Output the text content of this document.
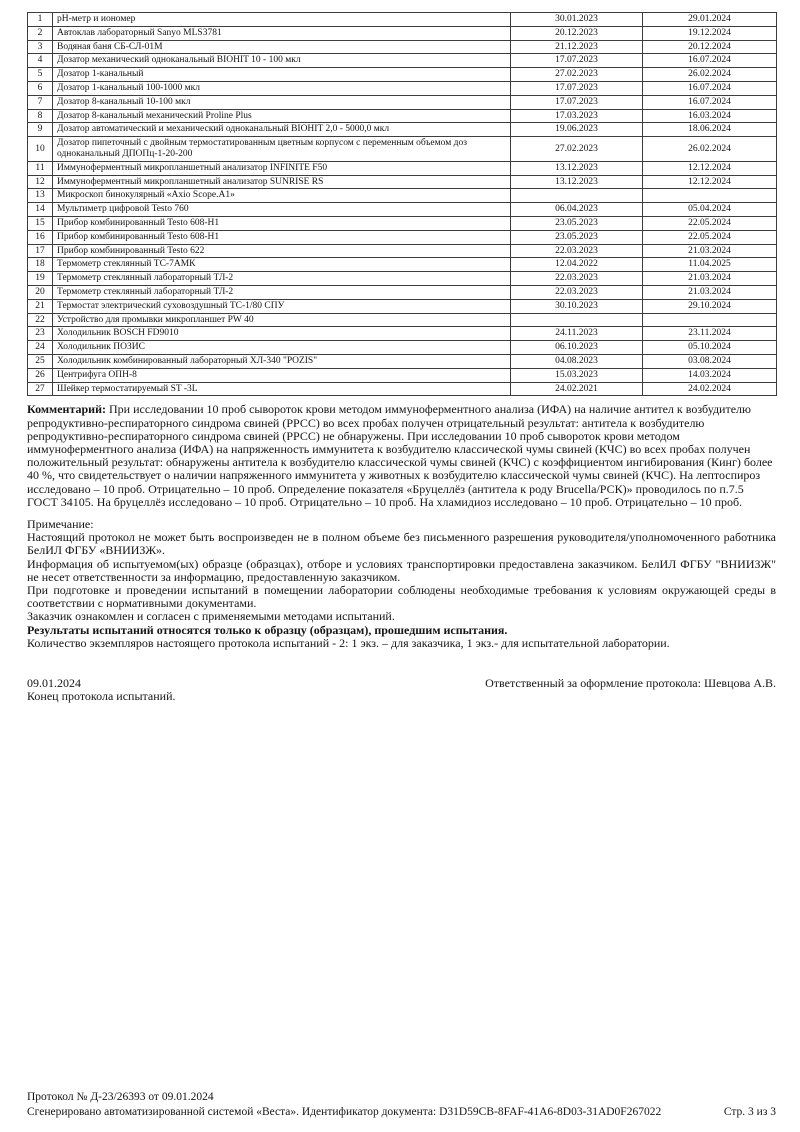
1	pH-метр и иономер	30.01.2023	29.01.2024
2	Автоклав лабораторный Sanyo MLS3781	20.12.2023	19.12.2024
3	Водяная баня СБ-СЛ-01М	21.12.2023	20.12.2024
4	Дозатор механический одноканальный BIOHIT 10 - 100 мкл	17.07.2023	16.07.2024
5	Дозатор 1-канальный	27.02.2023	26.02.2024
6	Дозатор 1-канальный 100-1000 мкл	17.07.2023	16.07.2024
7	Дозатор 8-канальный 10-100 мкл	17.07.2023	16.07.2024
8	Дозатор 8-канальный механический Proline Plus	17.03.2023	16.03.2024
9	Дозатор автоматический и механический одноканальный BIOHIT 2,0 - 5000,0 мкл	19.06.2023	18.06.2024
10	Дозатор пипеточный с двойным термостатированным цветным корпусом с переменным объемом доз одноканальный ДПОПц-1-20-200	27.02.2023	26.02.2024
11	Иммуноферментный микропланшетный анализатор INFINITE F50	13.12.2023	12.12.2024
12	Иммуноферментный микропланшетный анализатор SUNRISE RS	13.12.2023	12.12.2024
13	Микроскоп бинокулярный «Axio Scope.A1»		
14	Мультиметр цифровой Testo 760	06.04.2023	05.04.2024
15	Прибор комбинированный Testo 608-H1	23.05.2023	22.05.2024
16	Прибор комбинированный Testo 608-H1	23.05.2023	22.05.2024
17	Прибор комбинированный Testo 622	22.03.2023	21.03.2024
18	Термометр стеклянный ТС-7АМК	12.04.2022	11.04.2025
19	Термометр стеклянный лабораторный ТЛ-2	22.03.2023	21.03.2024
20	Термометр стеклянный лабораторный ТЛ-2	22.03.2023	21.03.2024
21	Термостат электрический суховоздушный ТС-1/80 СПУ	30.10.2023	29.10.2024
22	Устройство для промывки микропланшет PW 40		
23	Холодильник BOSCH FD9010	24.11.2023	23.11.2024
24	Холодильник ПОЗИС	06.10.2023	05.10.2024
25	Холодильник комбинированный лабораторный ХЛ-340 "POZIS"	04.08.2023	03.08.2024
26	Центрифуга ОПН-8	15.03.2023	14.03.2024
27	Шейкер термостатируемый ST -3L	24.02.2021	24.02.2024
Комментарий: При исследовании 10 проб сывороток крови методом иммуноферментного анализа (ИФА) на наличие антител к возбудителю репродуктивно-респираторного синдрома свиней (РРСС) во всех пробах получен отрицательный результат: антитела к возбудителю репродуктивно-респираторного синдрома свиней (РРСС) не обнаружены. При исследовании 10 проб сывороток крови методом иммуноферментного анализа (ИФА) на напряженность иммунитета к возбудителю классической чумы свиней (КЧС) во всех пробах получен положительный результат: обнаружены антитела к возбудителю классической чумы свиней (КЧС) с коэффициентом ингибирования (Кинг) более 40 %, что свидетельствует о наличии напряженного иммунитета у животных к возбудителю классической чумы свиней (КЧС). На лептоспироз исследовано – 10 проб. Отрицательно – 10 проб. Определение показателя «Бруцеллёз (антитела к роду Brucella/РСК)» проводилось по п.7.5 ГОСТ 34105. На бруцеллёз исследовано – 10 проб. Отрицательно – 10 проб. На хламидиоз исследовано – 10 проб. Отрицательно – 10 проб.
Примечание:
Настоящий протокол не может быть воспроизведен не в полном объеме без письменного разрешения руководителя/уполномоченного работника БелИЛ ФГБУ «ВНИИЗЖ».
Информация об испытуемом(ых) образце (образцах), отборе и условиях транспортировки предоставлена заказчиком. БелИЛ ФГБУ "ВНИИЗЖ" не несет ответственности за информацию, предоставленную заказчиком.
При подготовке и проведении испытаний в помещении лаборатории соблюдены необходимые требования к условиям окружающей среды в соответствии с нормативными документами.
Заказчик ознакомлен и согласен с применяемыми методами испытаний.
Результаты испытаний относятся только к образцу (образцам), прошедшим испытания.
Количество экземпляров настоящего протокола испытаний - 2: 1 экз. – для заказчика, 1 экз.- для испытательной лаборатории.
09.01.2024	Ответственный за оформление протокола: Шевцова А.В.
Конец протокола испытаний.
Протокол № Д-23/26393 от 09.01.2024
Сгенерировано автоматизированной системой «Веста». Идентификатор документа: D31D59CB-8FAF-41A6-8D03-31AD0F267022	Стр. 3 из 3
